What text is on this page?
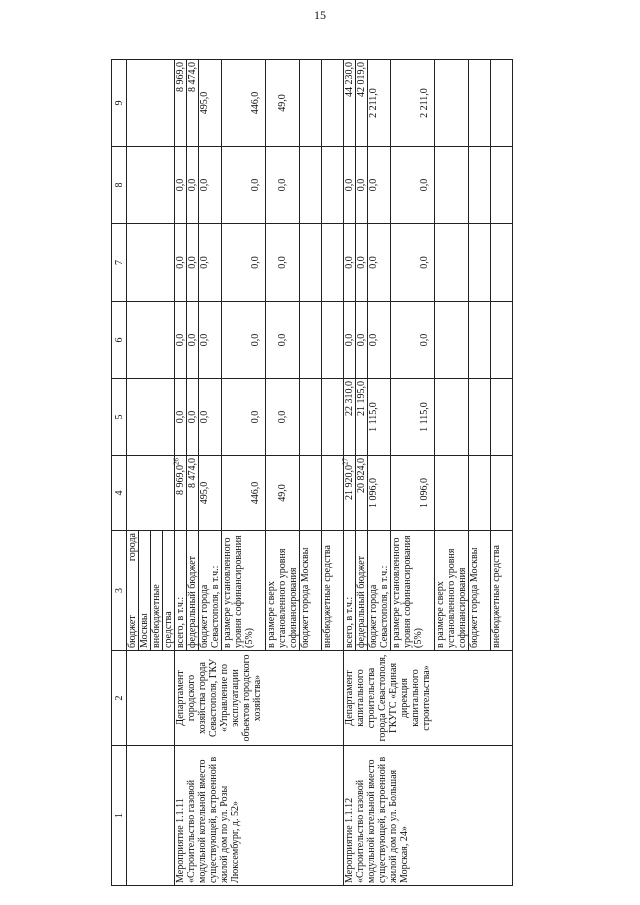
15
1	2	3	4	5	6	7	8	9
		бюджет города						
		Москвы						
		внебюджетные						
		средства						
Мероприятие 1.1.11 «Строительство газовой модульной котельной вместо существующей, встроенной в жилой дом по ул. Розы Люксембург, д. 52»	Департамент городского хозяйства города Севастополя, ГКУ «Управление по эксплуатации объектов городского хозяйства»	всего, в т.ч.:	8 969,0$^{26}$	0,0	0,0	0,0	0,0	8 969,0
		федеральный бюджет	8 474,0	0,0	0,0	0,0	0,0	8 474,0
		бюджет города Севастополя, в т.ч.:	495,0	0,0	0,0	0,0	0,0	495,0
		в размере установленного уровня софинансирования (5%)	446,0	0,0	0,0	0,0	0,0	446,0
		в размере сверх установленного уровня софинансирования	49,0	0,0	0,0	0,0	0,0	49,0
		бюджет города Москвы						
		внебюджетные средства						
Мероприятие 1.1.12 «Строительство газовой модульной котельной вместо существующей, встроенной в жилой дом по ул. Большая Морская, 24»	Департамент капитального строительства города Севастополя, ГКУГС «Единая дирекция капитального строительства»	всего, в т.ч.:	21 920,0$^{27}$	22 310,0	0,0	0,0	0,0	44 230,0
		федеральный бюджет	20 824,0	21 195,0	0,0	0,0	0,0	42 019,0
		бюджет города Севастополя, в т.ч.:	1 096,0	1 115,0	0,0	0,0	0,0	2 211,0
		в размере установленного уровня софинансирования (5%)	1 096,0	1 115,0	0,0	0,0	0,0	2 211,0
		в размере сверх установленного уровня софинансирования						
		бюджет города Москвы						
		внебюджетные средства						
